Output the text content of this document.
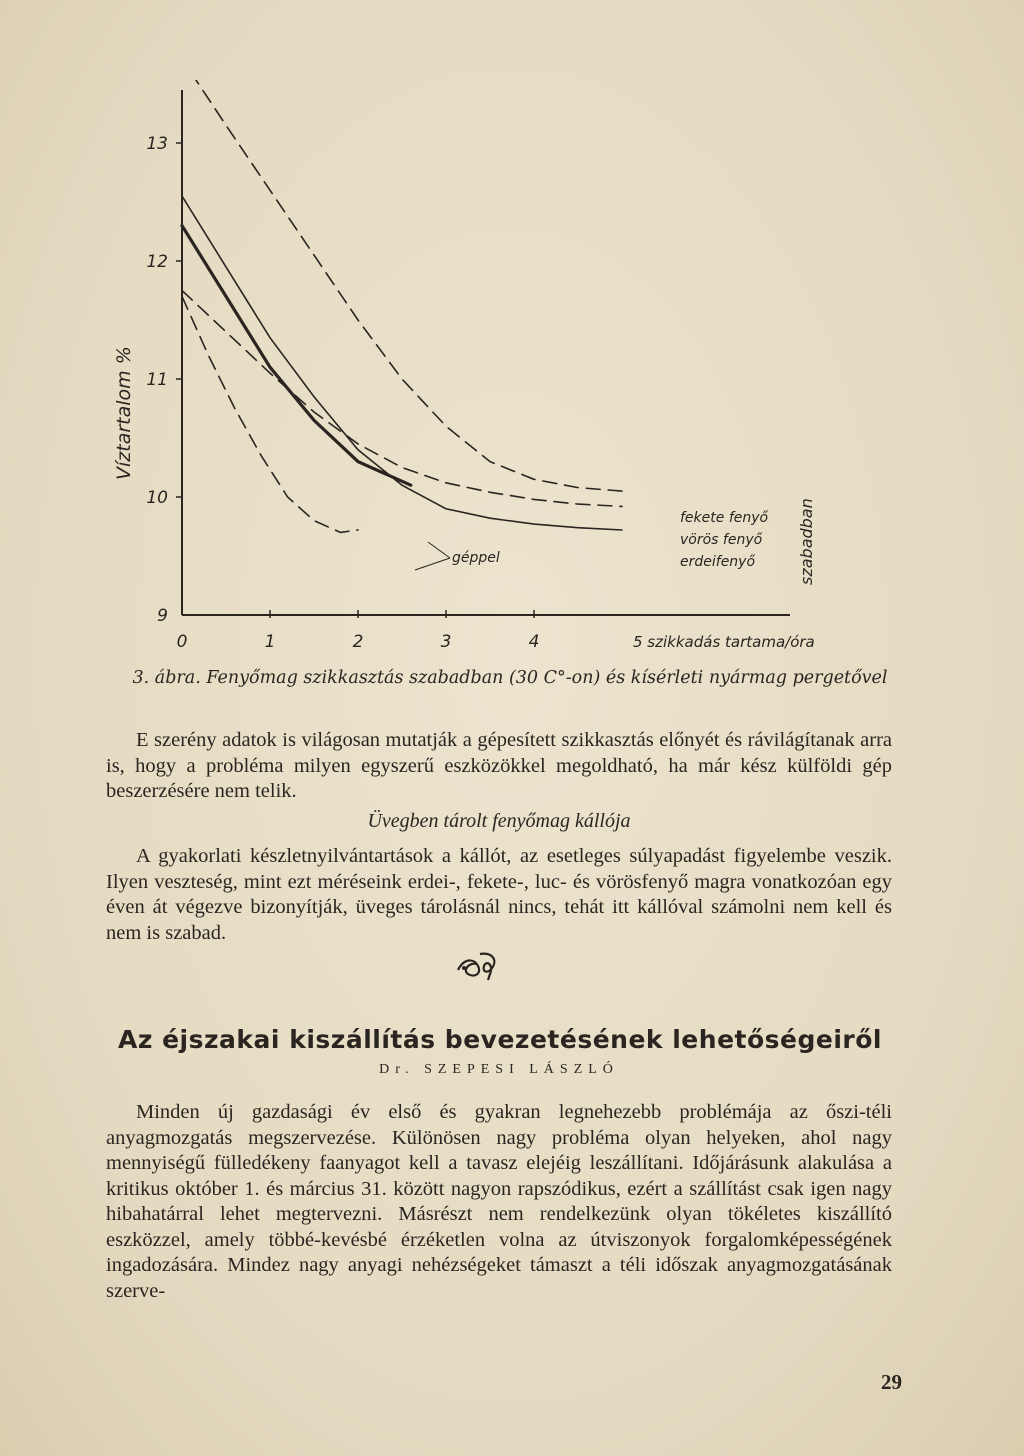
9
10
11
12
13
0	1	2	3	4
Víztartalom %
5 szikkadás tartama/óra
szabadban
fekete fenyő
vörös fenyő
erdeifenyő
géppel
3. ábra. Fenyőmag szikkasztás szabadban (30 C°-on) és kísérleti nyármag pergetővel

E szerény adatok is világosan mutatják a gépesített szikkasztás előnyét és rávilágítanak arra is, hogy a probléma milyen egyszerű eszközökkel megoldható, ha már kész külföldi gép beszerzésére nem telik.

Üvegben tárolt fenyőmag kállója

A gyakorlati készletnyilvántartások a kállót, az esetleges súlyapadást figyelembe veszik. Ilyen veszteség, mint ezt méréseink erdei-, fekete-, luc- és vörösfenyő magra vonatkozóan egy éven át végezve bizonyítják, üveges tárolásnál nincs, tehát itt kállóval számolni nem kell és nem is szabad.

Az éjszakai kiszállítás bevezetésének lehetőségeiről
Dr. SZEPESI LÁSZLÓ

Minden új gazdasági év első és gyakran legnehezebb problémája az őszi-téli anyagmozgatás megszervezése. Különösen nagy probléma olyan helyeken, ahol nagy mennyiségű fülledékeny faanyagot kell a tavasz elejéig leszállítani. Időjárásunk alakulása a kritikus október 1. és március 31. között nagyon rapszódikus, ezért a szállítást csak igen nagy hibahatárral lehet megtervezni. Másrészt nem rendelkezünk olyan tökéletes kiszállító eszközzel, amely többé-kevésbé érzéketlen volna az útviszonyok forgalomképességének ingadozására. Mindez nagy anyagi nehézségeket támaszt a téli időszak anyagmozgatásának szerve-

29
